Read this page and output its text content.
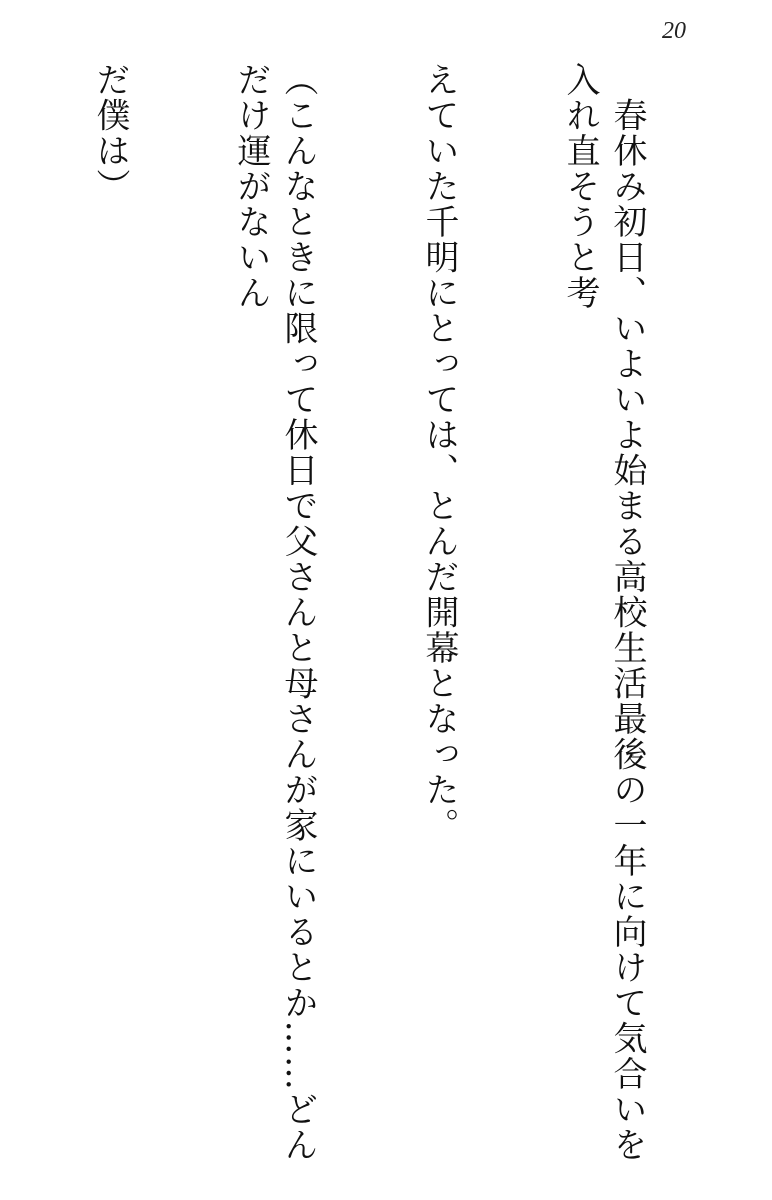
20

　春休み初日、いよいよ始まる高校生活最後の一年に向けて気合いを入れ直そうと考

えていた千明にとっては、とんだ開幕となった。

（こんなときに限って休日で父さんと母さんが家にいるとか……どんだけ運がないん

だ僕は）
